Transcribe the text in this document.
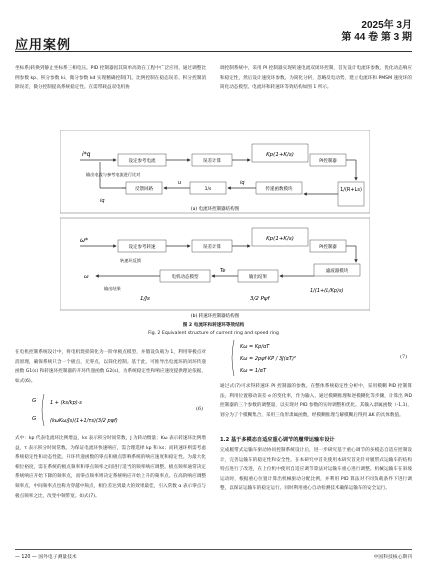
应用案例
2025年 3月
第 44 卷 第 3 期
坐标系)转换到静止坐标系三相电压。PID 控制器因其简单高效在工程中广泛应用，通过调整比例参数 kp、积分参数 ki、微分参数 kd 实现精确控制[7]。比例控制在稳态误差、积分控制消除误差，微分控制提高系统稳定性。在需带载益双电机协
调控制系统中，采用 PI 控制器实现转速电流双闭环控制，首先设计电流环参数，优化动态响应和稳定性，然后设计速度环参数。为简化分析，忽略反电动势，建立电流环和 PMSM 速度环的简化动态模型。电流环和转速环等效结构如图 1 所示。
i*q
设定参考电流	误差计算
Kp(1+K/s)
PI控制器
1/(R+Ls)
输出电流与参考电流进行比对
反馈回路	1/s	传递函数模块
iq
u
iq
(a) 电流环控制器结构图
ω*
设定参考转速	误差计算
Kp(1+K/s)
PI控制器
转速环反馈
滤波器模块
电机动态模型	输出结果
ω
Te
输出结果
1/Js	3/2 Pψf
1/(1+(L/Kp)s)
(b) 转速环控制器结构图
图 2 电流环和转速环等效结构
Fig. 2 Equivalent structure of current ring and speed ring
在电机控制系统设计中，将电机烧损简化为一阶单极点模型，并假设负载为 1，利用零极点对消原理，确保系统只含一个极点，无零点，以简化控制。基于此，可推导出电流环的闭环传递函数 G1(s) 和转速环控制器的开环传递函数 G2(s)，为系统稳定性和响应速度提供理论依据，如式(6)。
G
G
1 + (ks/kp)·s
(kωKω/Js)(1+1/τs)(3/2 pψf)
(6)
式中：kp 代表电流环比例增益，ks 表示积分时间常数，J 为转动惯量；Kω 表示转速环比例增益，τ 表示积分时间常数。为保证电流环快速响应，需合理选择 kp 和 ks；而转速环则需考虑系统稳定性和动态性能。开环传递函数的零点和极点影响系统的响应速度和稳定性。为最大化相位裕度，需在系统的极点频率和零点频率之间进行适当的频率响应调整。极点频率通常决定系统响应开始下降的频率点，而零点频率则决定系统响应开始上升的频率点。在高阶响应调整频率点，中间频率点也称为穿越中频点，相位差达到最大的效果最佳，引入常数 α 表示零点与极点频率之比，改变中频带宽。如式(7)。
Kω = Kp/αT
Kω = 2pψf·KP / 3J(αT)²
Kω = 1/αT
(7)
通过式(7)可求得转速环 PI 控制器的参数。在整体系统稳定性分析中，采用模糊 PID 控制算法，利用位置移动误差 e 的变化率，作为输入，通过模糊推理和逆模糊化等步骤，计算出 PID 控制器的三个参数的调整量，以实现对 PID 参数的实时调整和优化。其输入隶属函数（-1,1)，划分为了个模糊集合，采用三角形隶属函数，经模糊推理与解模糊后得到 ΔK 的具体数值。
1.2 基于多模态自适应重心调节的履带运输车设计
完成履带式运输车驱动协同控制系统设计后，进一步研究基于重心调节的多模态自适应控制设计，完善运输车的稳定性和安全性。在本研究中首先使用本研究首先针对履带式运输车的结构特点进行了改进，在上位机中使用自适应调节算法对运输车重心进行调整。机械运输车在斜坡运动时，根据重心位置计算出机械驱动分配比例，并利用 PID 算法对不同负载条件下进行调整，以保证运输车的稳定运行。同时利用重心自动检测技术确保运输车的安全运行。
— 120 — 国外电子测量技术	中国科技核心期刊
